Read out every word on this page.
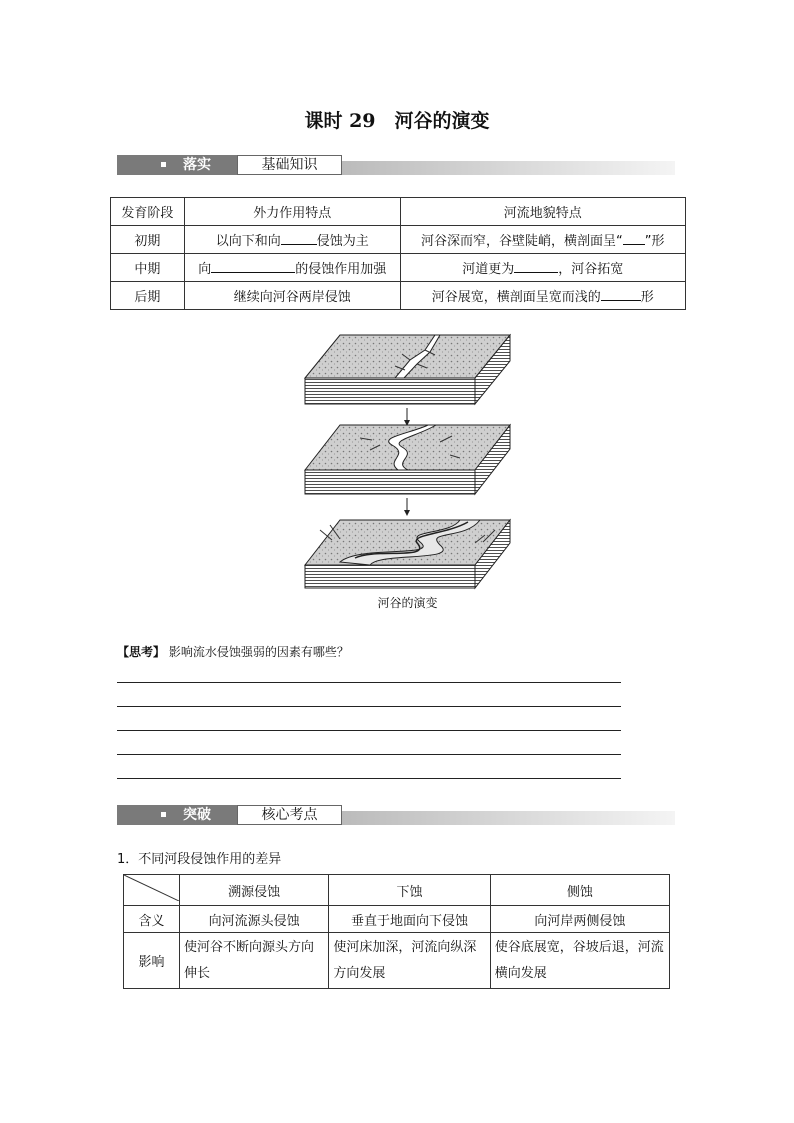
课时 29　河谷的演变
落实	基础知识
发育阶段	外力作用特点	河流地貌特点
初期	以向下和向 侵蚀为主	河谷深而窄，谷壁陡峭，横剖面呈“ ”形
中期	向 的侵蚀作用加强	河道更为 ，河谷拓宽
后期	继续向河谷两岸侵蚀	河谷展宽，横剖面呈宽而浅的 形
河谷的演变
【思考】 影响流水侵蚀强弱的因素有哪些？
突破	核心考点
1．不同河段侵蚀作用的差异
	溯源侵蚀	下蚀	侧蚀
含义	向河流源头侵蚀	垂直于地面向下侵蚀	向河岸两侧侵蚀
影响	使河谷不断向源头方向伸长	使河床加深，河流向纵深方向发展	使谷底展宽，谷坡后退，河流横向发展
